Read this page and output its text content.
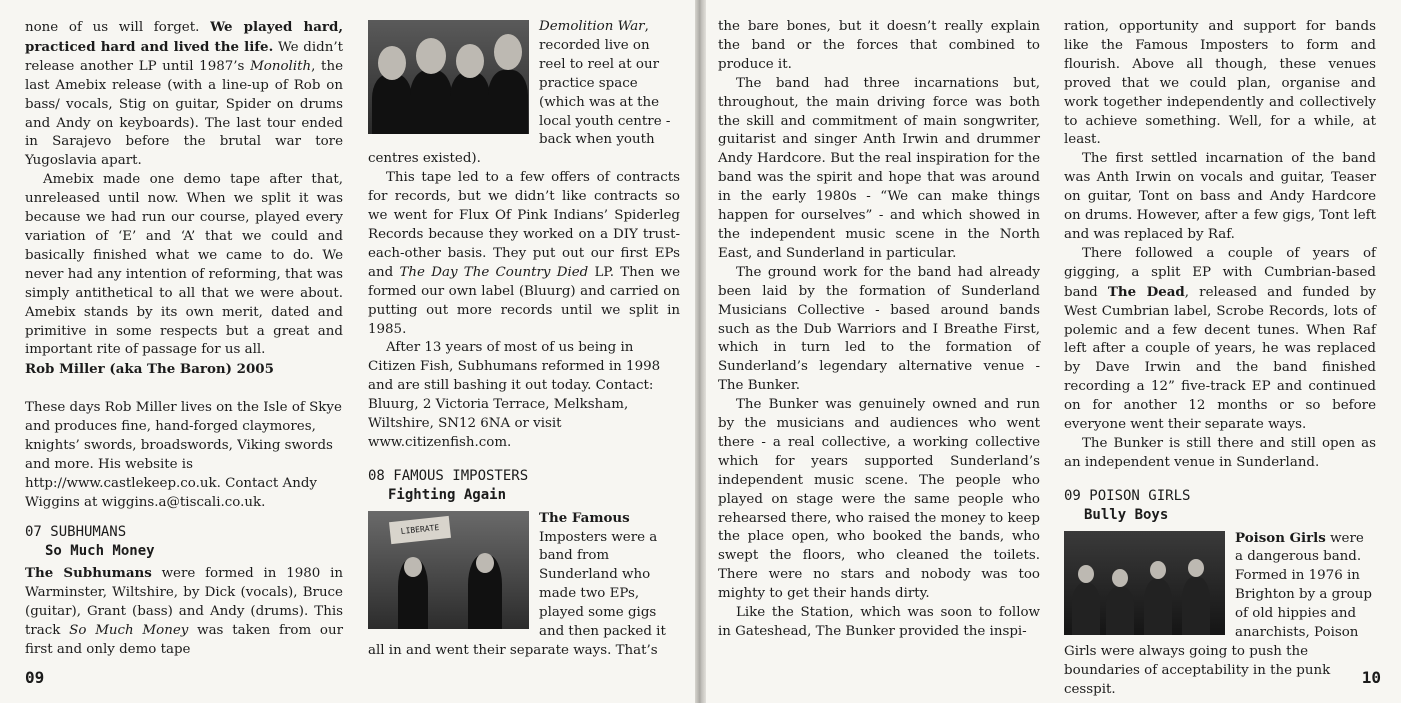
none of us will forget. We played hard, practiced hard and lived the life. We didn’t release another LP until 1987’s Monolith, the last Amebix release (with a line-up of Rob on bass/ vocals, Stig on guitar, Spider on drums and Andy on keyboards). The last tour ended in Sarajevo before the brutal war tore Yugoslavia apart.

Amebix made one demo tape after that, unreleased until now. When we split it was because we had run our course, played every variation of ‘E’ and ‘A’ that we could and basically finished what we came to do. We never had any intention of reforming, that was simply antithetical to all that we were about. Amebix stands by its own merit, dated and primitive in some respects but a great and important rite of passage for us all.

Rob Miller (aka The Baron) 2005

These days Rob Miller lives on the Isle of Skye and produces fine, hand-forged claymores, knights’ swords, broadswords, Viking swords and more. His website is http://www.castlekeep.co.uk. Contact Andy Wiggins at wiggins.a@tiscali.co.uk.

07 SUBHUMANS
So Much Money

The Subhumans were formed in 1980 in Warminster, Wiltshire, by Dick (vocals), Bruce (guitar), Grant (bass) and Andy (drums). This track So Much Money was taken from our first and only demo tape

Demolition War, recorded live on reel to reel at our practice space (which was at the local youth centre - back when youth centres existed).

This tape led to a few offers of contracts for records, but we didn’t like contracts so we went for Flux Of Pink Indians’ Spiderleg Records because they worked on a DIY trust-each-other basis. They put out our first EPs and The Day The Country Died LP. Then we formed our own label (Bluurg) and carried on putting out more records until we split in 1985.

After 13 years of most of us being in Citizen Fish, Subhumans reformed in 1998 and are still bashing it out today. Contact: Bluurg, 2 Victoria Terrace, Melksham, Wiltshire, SN12 6NA or visit www.citizenfish.com.

08 FAMOUS IMPOSTERS
Fighting Again
LIBERATE

The Famous Imposters were a band from Sunderland who made two EPs, played some gigs and then packed it all in and went their separate ways. That’s

09

the bare bones, but it doesn’t really explain the band or the forces that combined to produce it.

The band had three incarnations but, throughout, the main driving force was both the skill and commitment of main songwriter, guitarist and singer Anth Irwin and drummer Andy Hardcore. But the real inspiration for the band was the spirit and hope that was around in the early 1980s - “We can make things happen for ourselves” - and which showed in the independent music scene in the North East, and Sunderland in particular.

The ground work for the band had already been laid by the formation of Sunderland Musicians Collective - based around bands such as the Dub Warriors and I Breathe First, which in turn led to the formation of Sunderland’s legendary alternative venue - The Bunker.

The Bunker was genuinely owned and run by the musicians and audiences who went there - a real collective, a working collective which for years supported Sunderland’s independent music scene. The people who played on stage were the same people who rehearsed there, who raised the money to keep the place open, who booked the bands, who swept the floors, who cleaned the toilets. There were no stars and nobody was too mighty to get their hands dirty.

Like the Station, which was soon to follow in Gateshead, The Bunker provided the inspi-

ration, opportunity and support for bands like the Famous Imposters to form and flourish. Above all though, these venues proved that we could plan, organise and work together independently and collectively to achieve something. Well, for a while, at least.

The first settled incarnation of the band was Anth Irwin on vocals and guitar, Teaser on guitar, Tont on bass and Andy Hardcore on drums. However, after a few gigs, Tont left and was replaced by Raf.

There followed a couple of years of gigging, a split EP with Cumbrian-based band The Dead, released and funded by West Cumbrian label, Scrobe Records, lots of polemic and a few decent tunes. When Raf left after a couple of years, he was replaced by Dave Irwin and the band finished recording a 12” five-track EP and continued on for another 12 months or so before everyone went their separate ways.

The Bunker is still there and still open as an independent venue in Sunderland.

09 POISON GIRLS
Bully Boys

Poison Girls were a dangerous band. Formed in 1976 in Brighton by a group of old hippies and anarchists, Poison Girls were always going to push the boundaries of acceptability in the punk cesspit.

10
